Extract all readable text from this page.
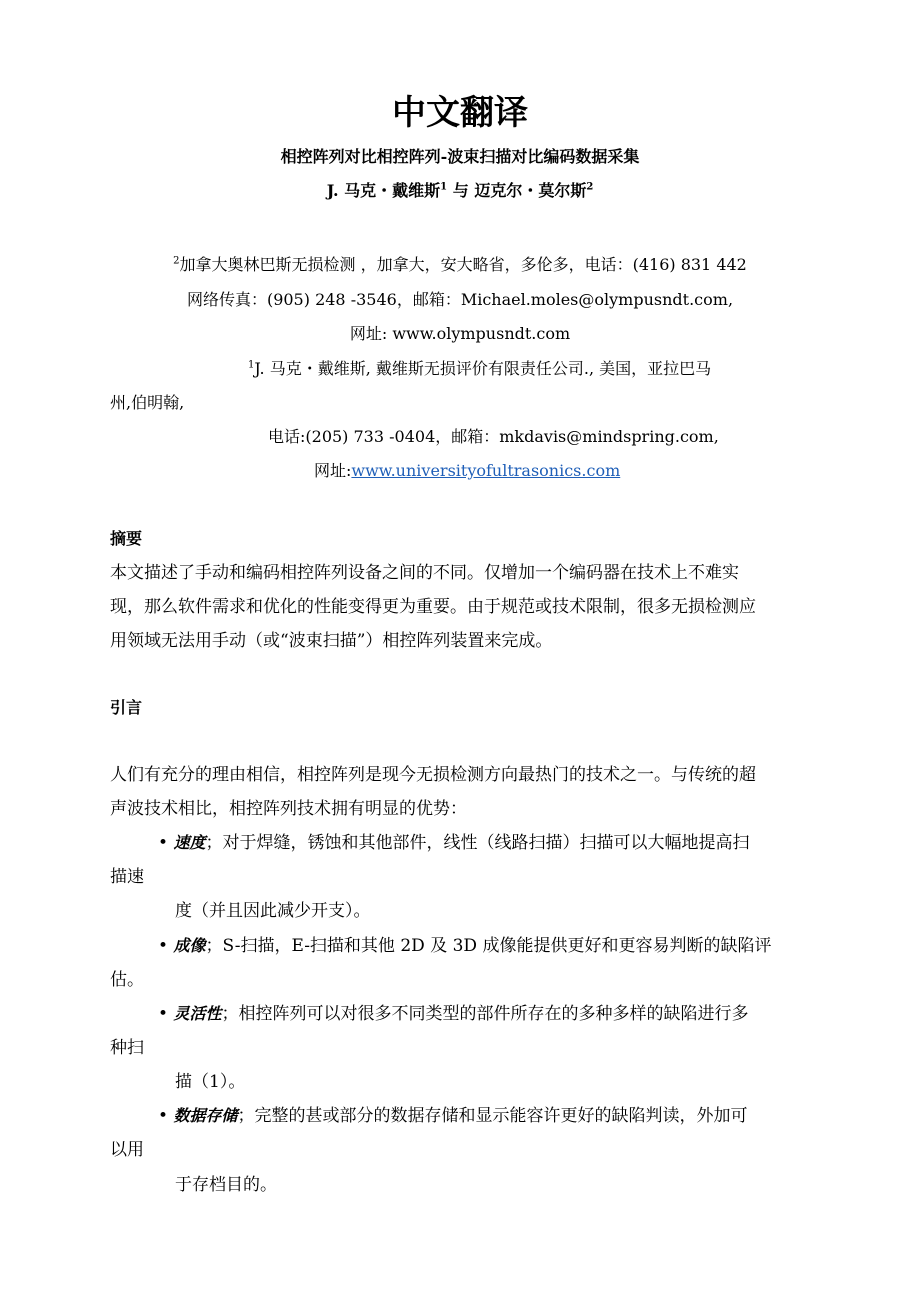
中文翻译
相控阵列对比相控阵列-波束扫描对比编码数据采集
J. 马克・戴维斯$^1$ 与 迈克尔・莫尔斯$^2$
$^2$加拿大奥林巴斯无损检测 ，加拿大，安大略省，多伦多，电话：(416) 831 442
网络传真：(905) 248 -3546，邮箱：Michael.moles@olympusndt.com,
网址: www.olympusndt.com
$^1$J. 马克・戴维斯, 戴维斯无损评价有限责任公司., 美国，亚拉巴马
州,伯明翰,
电话:(205) 733 -0404，邮箱：mkdavis@mindspring.com,
网址:www.universityofultrasonics.com
摘要
本文描述了手动和编码相控阵列设备之间的不同。仅增加一个编码器在技术上不难实
现，那么软件需求和优化的性能变得更为重要。由于规范或技术限制，很多无损检测应
用领域无法用手动（或“波束扫描”）相控阵列装置来完成。
引言
人们有充分的理由相信，相控阵列是现今无损检测方向最热门的技术之一。与传统的超
声波技术相比，相控阵列技术拥有明显的优势：
• 速度；对于焊缝，锈蚀和其他部件，线性（线路扫描）扫描可以大幅地提高扫
描速
度（并且因此减少开支）。
• 成像；S-扫描，E-扫描和其他 2D 及 3D 成像能提供更好和更容易判断的缺陷评
估。
• 灵活性；相控阵列可以对很多不同类型的部件所存在的多种多样的缺陷进行多
种扫
描（1）。
• 数据存储；完整的甚或部分的数据存储和显示能容许更好的缺陷判读，外加可
以用
于存档目的。
